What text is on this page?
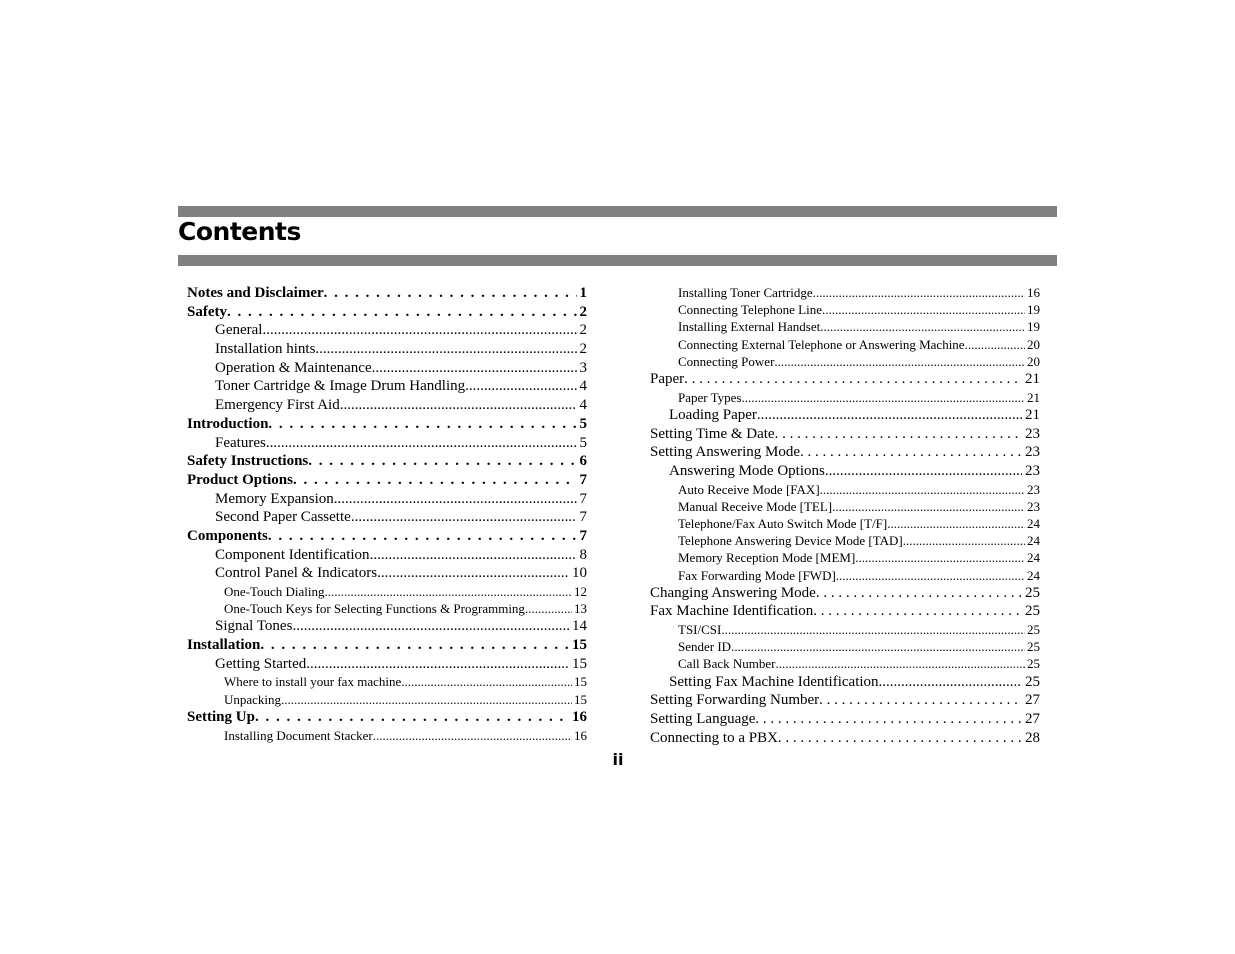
Contents
Notes and Disclaimer . . .	1
Safety . . .	2
General .....	2
Installation hints .....	2
Operation & Maintenance .....	3
Toner Cartridge & Image Drum Handling .....	4
Emergency First Aid .....	4
Introduction . . .	5
Features .....	5
Safety Instructions . . .	6
Product Options . . .	7
Memory Expansion .....	7
Second Paper Cassette .....	7
Components . . .	7
Component Identification .....	8
Control Panel & Indicators .....	10
One-Touch Dialing .....	12
One-Touch Keys for Selecting Functions & Programming .....	13
Signal Tones .....	14
Installation . . .	15
Getting Started .....	15
Where to install your fax machine .....	15
Unpacking .....	15
Setting Up . . .	16
Installing Document Stacker .....	16
Installing Toner Cartridge .....	16
Connecting Telephone Line .....	19
Installing External Handset .....	19
Connecting External Telephone or Answering Machine .....	20
Connecting Power .....	20
Paper . . .	21
Paper Types .....	21
Loading Paper .....	21
Setting Time & Date . . .	23
Setting Answering Mode . . .	23
Answering Mode Options .....	23
Auto Receive Mode [FAX] .....	23
Manual Receive Mode [TEL] .....	23
Telephone/Fax Auto Switch Mode [T/F] .....	24
Telephone Answering Device Mode [TAD] .....	24
Memory Reception Mode [MEM] .....	24
Fax Forwarding Mode [FWD] .....	24
Changing Answering Mode . . .	25
Fax Machine Identification . . .	25
TSI/CSI .....	25
Sender ID .....	25
Call Back Number .....	25
Setting Fax Machine Identification .....	25
Setting Forwarding Number . . .	27
Setting Language . . .	27
Connecting to a PBX . . .	28

ii
